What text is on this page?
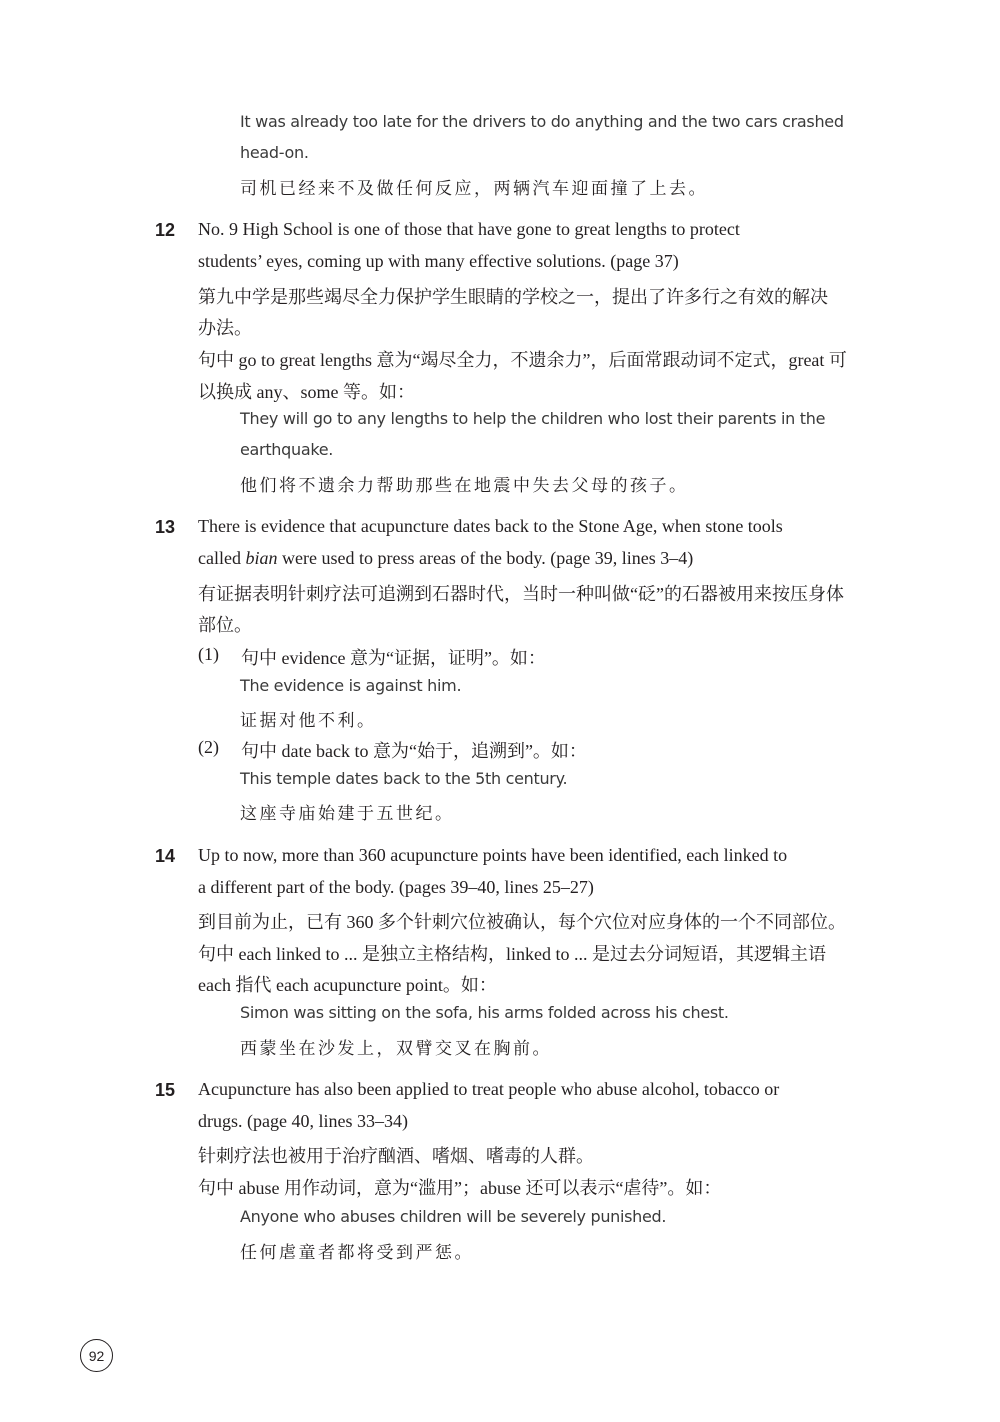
It was already too late for the drivers to do anything and the two cars crashed
head-on.
司机已经来不及做任何反应，两辆汽车迎面撞了上去。
12 No. 9 High School is one of those that have gone to great lengths to protect
students’ eyes, coming up with many effective solutions. (page 37)
第九中学是那些竭尽全力保护学生眼睛的学校之一，提出了许多行之有效的解决
办法。
句中 go to great lengths 意为“竭尽全力，不遗余力”，后面常跟动词不定式，great 可
以换成 any、some 等。如：
They will go to any lengths to help the children who lost their parents in the
earthquake.
他们将不遗余力帮助那些在地震中失去父母的孩子。
13 There is evidence that acupuncture dates back to the Stone Age, when stone tools
called bian were used to press areas of the body. (page 39, lines 3–4)
有证据表明针刺疗法可追溯到石器时代，当时一种叫做“砭”的石器被用来按压身体
部位。
(1) 句中 evidence 意为“证据，证明”。如：
The evidence is against him.
证据对他不利。
(2) 句中 date back to 意为“始于，追溯到”。如：
This temple dates back to the 5th century.
这座寺庙始建于五世纪。
14 Up to now, more than 360 acupuncture points have been identified, each linked to
a different part of the body. (pages 39–40, lines 25–27)
到目前为止，已有 360 多个针刺穴位被确认，每个穴位对应身体的一个不同部位。
句中 each linked to ... 是独立主格结构，linked to ... 是过去分词短语，其逻辑主语
each 指代 each acupuncture point。如：
Simon was sitting on the sofa, his arms folded across his chest.
西蒙坐在沙发上，双臂交叉在胸前。
15 Acupuncture has also been applied to treat people who abuse alcohol, tobacco or
drugs. (page 40, lines 33–34)
针刺疗法也被用于治疗酗酒、嗜烟、嗜毒的人群。
句中 abuse 用作动词，意为“滥用”；abuse 还可以表示“虐待”。如：
Anyone who abuses children will be severely punished.
任何虐童者都将受到严惩。
92
